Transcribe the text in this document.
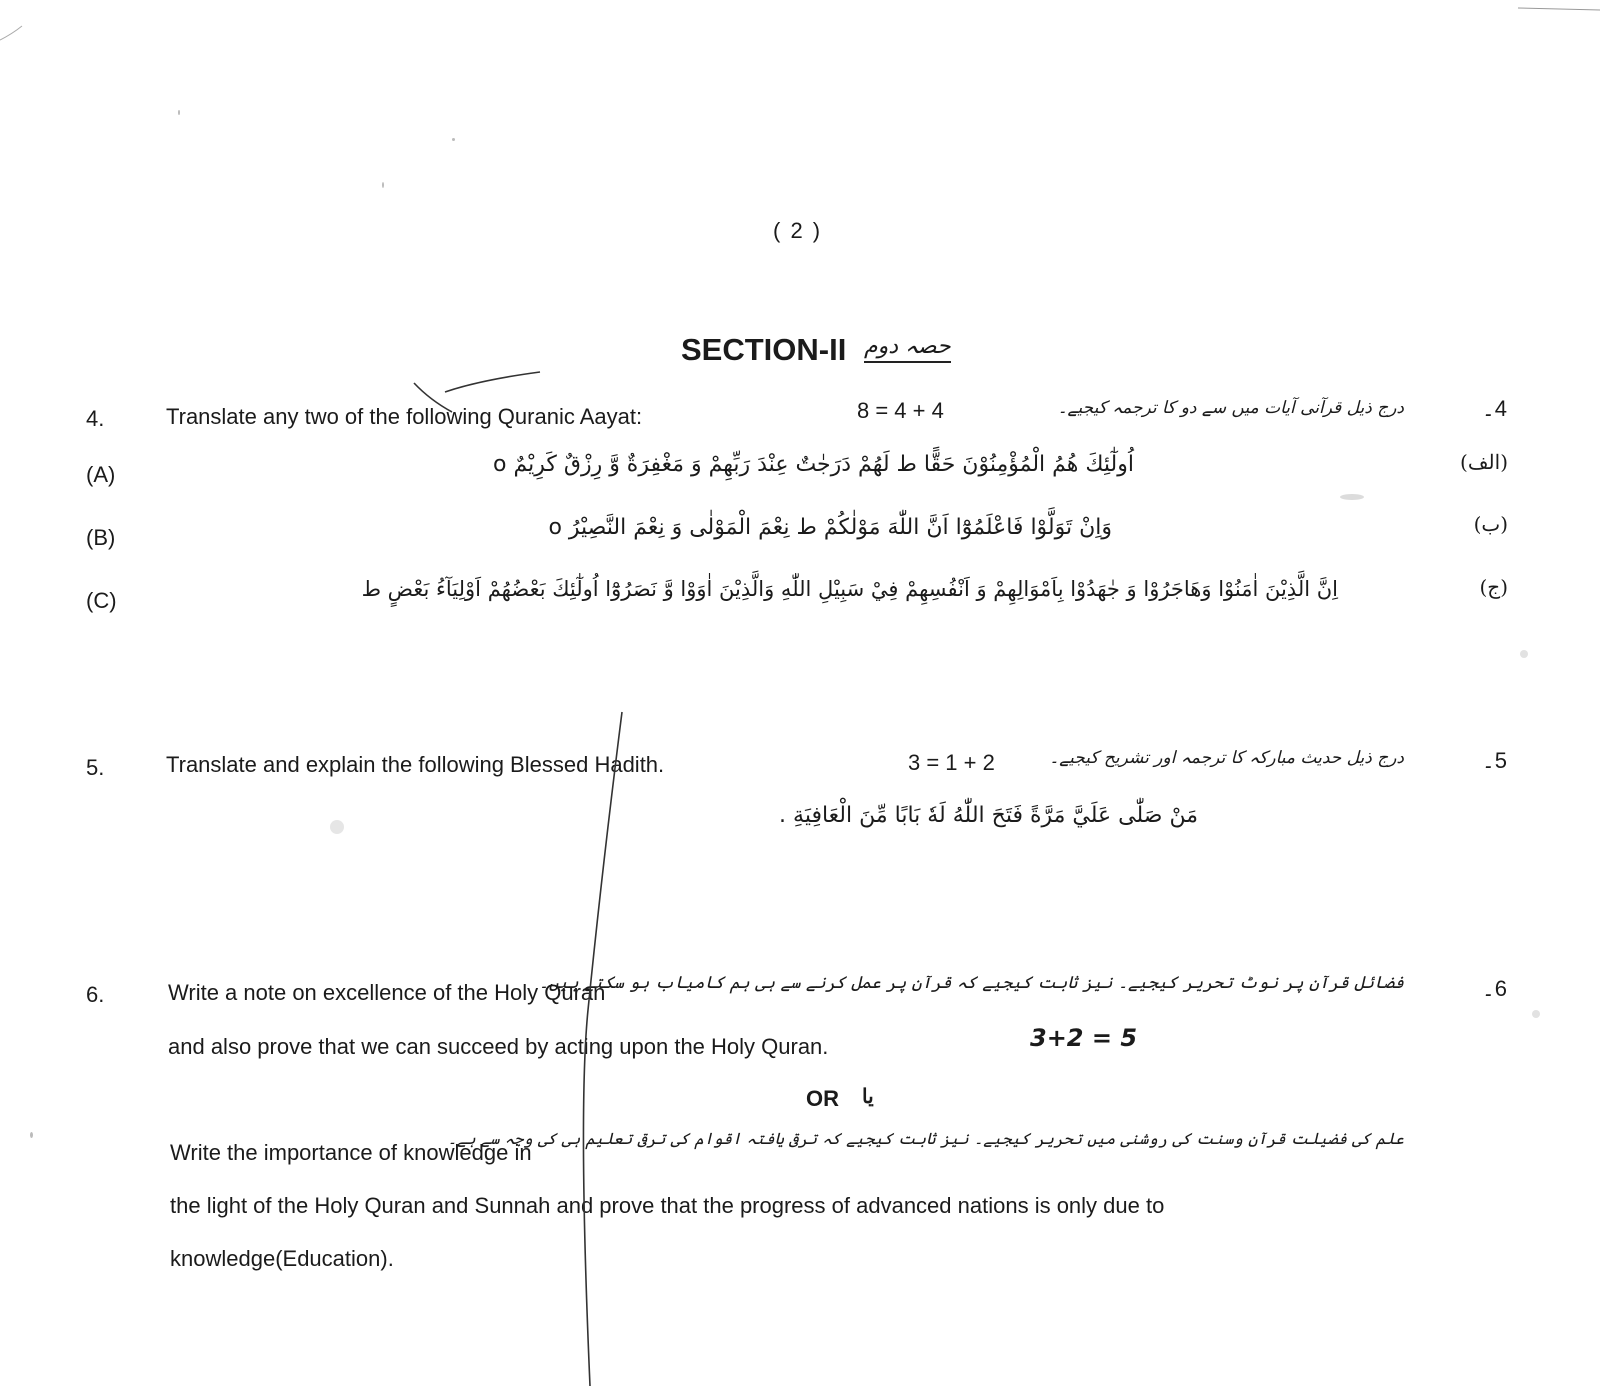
( 2 )
SECTION-II حصہ دوم
4.	Translate any two of the following Quranic Aayat:	8 = 4 + 4	درج ذیل قرآنی آیات میں سے دو کا ترجمہ کیجیے۔	4۔
(A)	اُولٰٓئِكَ هُمُ الْمُؤْمِنُوْنَ حَقًّا ط لَهُمْ دَرَجٰتٌ عِنْدَ رَبِّهِمْ وَ مَغْفِرَةٌ وَّ رِزْقٌ كَرِيْمٌ o	(الف)
(B)	وَاِنْ تَوَلَّوْا فَاعْلَمُوْٓا اَنَّ اللّٰهَ مَوْلٰكُمْ ط نِعْمَ الْمَوْلٰى وَ نِعْمَ النَّصِيْرُ o	(ب)
(C)	اِنَّ الَّذِيْنَ اٰمَنُوْا وَهَاجَرُوْا وَ جٰهَدُوْا بِاَمْوَالِهِمْ وَ اَنْفُسِهِمْ فِيْ سَبِيْلِ اللّٰهِ وَالَّذِيْنَ اٰوَوْا وَّ نَصَرُوْٓا اُولٰٓئِكَ بَعْضُهُمْ اَوْلِيَآءُ بَعْضٍ ط	(ج)
5.	Translate and explain the following Blessed Hadith.	3 = 1 + 2	درج ذیل حدیث مبارکہ کا ترجمہ اور تشریح کیجیے۔	5۔
مَنْ صَلّٰى عَلَيَّ مَرَّةً فَتَحَ اللّٰهُ لَهٗ بَابًا مِّنَ الْعَافِيَةِ .
6.	Write a note on excellence of the Holy Quran
فضائل قرآن پر نوٹ تحریر کیجیے۔ نیز ثابت کیجیے کہ قرآن پر عمل کرنے سے ہی ہم کامیاب ہو سکتے ہیں۔	6۔
and also prove that we can succeed by acting upon the Holy Quran.	3+2 = 5
OR یا
Write the importance of knowledge in
علم کی فضیلت قرآن وسنت کی روشنی میں تحریر کیجیے۔ نیز ثابت کیجیے کہ ترقی یافتہ اقوام کی ترقی تعلیم ہی کی وجہ سے ہے۔
the light of the Holy Quran and Sunnah and prove that the progress of advanced nations is only due to
knowledge(Education).
